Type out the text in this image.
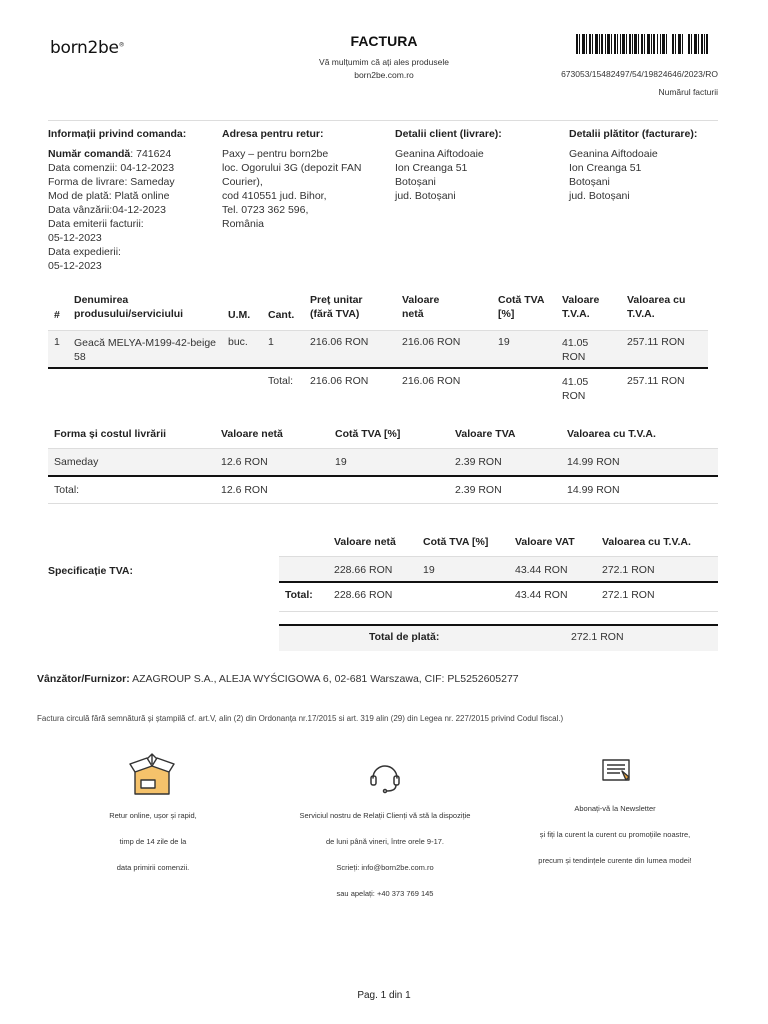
born2be®	FACTURA
Vă mulțumim că ați ales produsele
born2be.com.ro	673053/15482497/54/19824646/2023/RO
Numărul facturii
Informații privind comanda:
Număr comandă: 741624
Data comenzii: 04-12-2023
Forma de livrare: Sameday
Mod de plată: Plată online
Data vânzării:04-12-2023
Data emiterii facturii:
05-12-2023
Data expedierii:
05-12-2023
Adresa pentru retur:
Paxy – pentru born2be
loc. Ogorului 3G (depozit FAN
Courier),
cod 410551 jud. Bihor,
Tel. 0723 362 596,
România
Detalii client (livrare):
Geanina Aiftodoaie
Ion Creanga 51
Botoșani
jud. Botoșani
Detalii plătitor (facturare):
Geanina Aiftodoaie
Ion Creanga 51
Botoșani
jud. Botoșani
#	Denumirea
produsului/serviciului	U.M.	Cant.	Preț unitar
(fără TVA)	Valoare
netă	Cotă TVA
[%]	Valoare
T.V.A.	Valoarea cu
T.V.A.
1	Geacă MELYA-M199-42-beige 58	buc.	1	216.06 RON	216.06 RON	19	41.05 RON	257.11 RON
			Total:	216.06 RON	216.06 RON		41.05 RON	257.11 RON
Forma și costul livrării	Valoare netă	Cotă TVA [%]	Valoare TVA	Valoarea cu T.V.A.
Sameday	12.6 RON	19	2.39 RON	14.99 RON
Total:	12.6 RON		2.39 RON	14.99 RON
Specificație TVA:
	Valoare netă	Cotă TVA [%]	Valoare VAT	Valoarea cu T.V.A.
	228.66 RON	19	43.44 RON	272.1 RON
Total:	228.66 RON		43.44 RON	272.1 RON
Total de plată:	272.1 RON
Vânzător/Furnizor: AZAGROUP S.A., ALEJA WYŚCIGOWA 6, 02-681 Warszawa, CIF: PL5252605277
Factura circulă fără semnătură și ștampilă cf. art.V, alin (2) din Ordonanța nr.17/2015 si art. 319 alin (29) din Legea nr. 227/2015 privind Codul fiscal.)

Retur online, ușor și rapid,

timp de 14 zile de la

data primirii comenzii.

Serviciul nostru de Relații Clienți vă stă la dispoziție

de luni până vineri, între orele 9-17.

Scrieți: info@born2be.com.ro

sau apelați: +40 373 769 145

Abonați-vă la Newsletter

și fiți la curent la curent cu promoțiile noastre,

precum și tendințele curente din lumea modei!

Pag. 1 din 1
